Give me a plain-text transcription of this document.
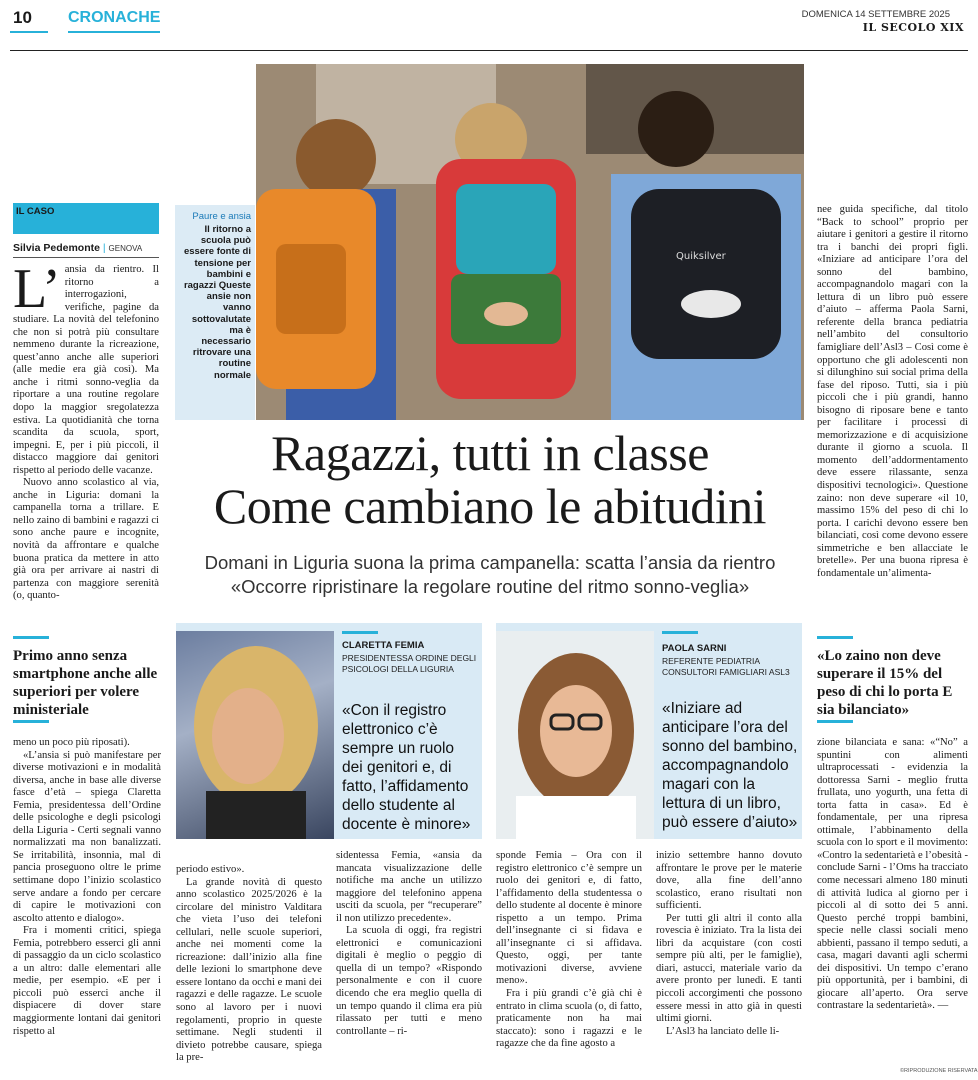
10 CRONACHE	DOMENICA 14 SETTEMBRE 2025
IL SECOLO XIX
IL CASO
Silvia Pedemonte | GENOVA

L’ ansia da rientro. Il ritorno a interrogazioni, verifiche, pagine da studiare. La novità del telefonino che non si potrà più consultare nemmeno durante la ricreazione, quest’anno anche alle superiori (alle medie era già così). Ma anche i ritmi sonno-veglia da riportare a una routine regolare dopo la maggior sregolatezza estiva. La quotidianità che torna scandita da scuola, sport, impegni. E, per i più piccoli, il distacco maggiore dai genitori rispetto al periodo delle vacanze.

Nuovo anno scolastico al via, anche in Liguria: domani la campanella torna a trillare. E nello zaino di bambini e ragazzi ci sono anche paure e incognite, novità da affrontare e qualche buona pratica da mettere in atto già ora per arrivare ai nastri di partenza con maggiore serenità (o, quanto-

Primo anno senza smartphone anche alle superiori per volere ministeriale

meno un poco più riposati).

«L’ansia si può manifestare per diverse motivazioni e in modalità diversa, anche in base alle diverse fasce d’età – spiega Claretta Femia, presidentessa dell’Ordine delle psicologhe e degli psicologi della Liguria - Certi segnali vanno normalizzati ma non banalizzati. Se irritabilità, insonnia, mal di pancia proseguono oltre le prime settimane dopo l’inizio scolastico serve andare a fondo per cercare di capire le motivazioni con ascolto attento e dialogo».

Fra i momenti critici, spiega Femia, potrebbero esserci gli anni di passaggio da un ciclo scolastico a un altro: dalle elementari alle medie, per esempio. «E per i piccoli può esserci anche il dispiacere di dover stare maggiormente lontani dai genitori rispetto al

Quiksilver
Paure e ansia
Il ritorno a scuola può essere fonte di tensione per bambini e ragazzi Queste ansie non vanno sottovalutate ma è necessario ritrovare una routine normale
Ragazzi, tutti in classe
Come cambiano le abitudini
Domani in Liguria suona la prima campanella: scatta l’ansia da rientro
«Occorre ripristinare la regolare routine del ritmo sonno-veglia»
CLARETTA FEMIA
PRESIDENTESSA ORDINE DEGLI PSICOLOGI DELLA LIGURIA
«Con il registro elettronico c’è sempre un ruolo dei genitori e, di fatto, l’affidamento dello studente al docente è minore»
PAOLA SARNI
REFERENTE PEDIATRIA CONSULTORI FAMIGLIARI ASL3
«Iniziare ad anticipare l’ora del sonno del bambino, accompagnandolo magari con la lettura di un libro, può essere d’aiuto»

periodo estivo».

La grande novità di questo anno scolastico 2025/2026 è la circolare del ministro Valditara che vieta l’uso dei telefoni cellulari, nelle scuole superiori, anche nei momenti come la ricreazione: dall’inizio alla fine delle lezioni lo smartphone deve essere lontano da occhi e mani dei ragazzi e delle ragazze. Le scuole sono al lavoro per i nuovi regolamenti, proprio in queste settimane. Negli studenti il divieto potrebbe causare, spiega la pre-

sidentessa Femia, «ansia da mancata visualizzazione delle notifiche ma anche un utilizzo maggiore del telefonino appena usciti da scuola, per “recuperare” il non utilizzo precedente».

La scuola di oggi, fra registri elettronici e comunicazioni digitali è meglio o peggio di quella di un tempo? «Rispondo personalmente e con il cuore dicendo che era meglio quella di un tempo quando il clima era più rilassato per tutti e meno controllante – ri-

sponde Femia – Ora con il registro elettronico c’è sempre un ruolo dei genitori e, di fatto, l’affidamento della studentessa o dello studente al docente è minore rispetto a un tempo. Prima dell’insegnante ci si fidava e all’insegnante ci si affidava. Questo, oggi, per tante motivazioni diverse, avviene meno».

Fra i più grandi c’è già chi è entrato in clima scuola (o, di fatto, praticamente non ha mai staccato): sono i ragazzi e le ragazze che da fine agosto a

inizio settembre hanno dovuto affrontare le prove per le materie dove, alla fine dell’anno scolastico, erano risultati non sufficienti.

Per tutti gli altri il conto alla rovescia è iniziato. Tra la lista dei libri da acquistare (con costi sempre più alti, per le famiglie), diari, astucci, materiale vario da avere pronto per lunedì. E tanti piccoli accorgimenti che possono essere messi in atto già in questi ultimi giorni.

L’Asl3 ha lanciato delle li-

nee guida specifiche, dal titolo “Back to school” proprio per aiutare i genitori a gestire il ritorno tra i banchi dei propri figli. «Iniziare ad anticipare l’ora del sonno del bambino, accompagnandolo magari con la lettura di un libro può essere d’aiuto – afferma Paola Sarni, referente della branca pediatria nell’ambito del consultorio famigliare dell’Asl3 – Così come è opportuno che gli adolescenti non si dilunghino sui social prima della fase del riposo. Tutti, sia i più piccoli che i più grandi, hanno bisogno di riposare bene e tanto per facilitare i processi di memorizzazione e di acquisizione durante il giorno a scuola. Il momento dell’addormentamento deve essere rilassante, senza dispositivi tecnologici». Questione zaino: non deve superare «il 10, massimo 15% del peso di chi lo porta. I carichi devono essere ben bilanciati, così come devono essere simmetriche e ben allacciate le bretelle». Per una buona ripresa è fondamentale un’alimenta-

«Lo zaino non deve superare il 15% del peso di chi lo porta E sia bilanciato»

zione bilanciata e sana: «“No” a spuntini con alimenti ultraprocessati - evidenzia la dottoressa Sarni - meglio frutta frullata, uno yogurth, una fetta di torta fatta in casa». Ed è fondamentale, per una ripresa ottimale, l’abbinamento della scuola con lo sport e il movimento: «Contro la sedentarietà e l’obesità - conclude Sarni - l’Oms ha tracciato come necessari almeno 180 minuti di attività ludica al giorno per i piccoli al di sotto dei 5 anni. Questo perché troppi bambini, specie nelle classi sociali meno abbienti, passano il tempo seduti, a casa, magari davanti agli schermi dei dispositivi. Un tempo c’erano più opportunità, per i bambini, di giocare all’aperto. Ora serve contrastare la sedentarietà». —

©RIPRODUZIONE RISERVATA
